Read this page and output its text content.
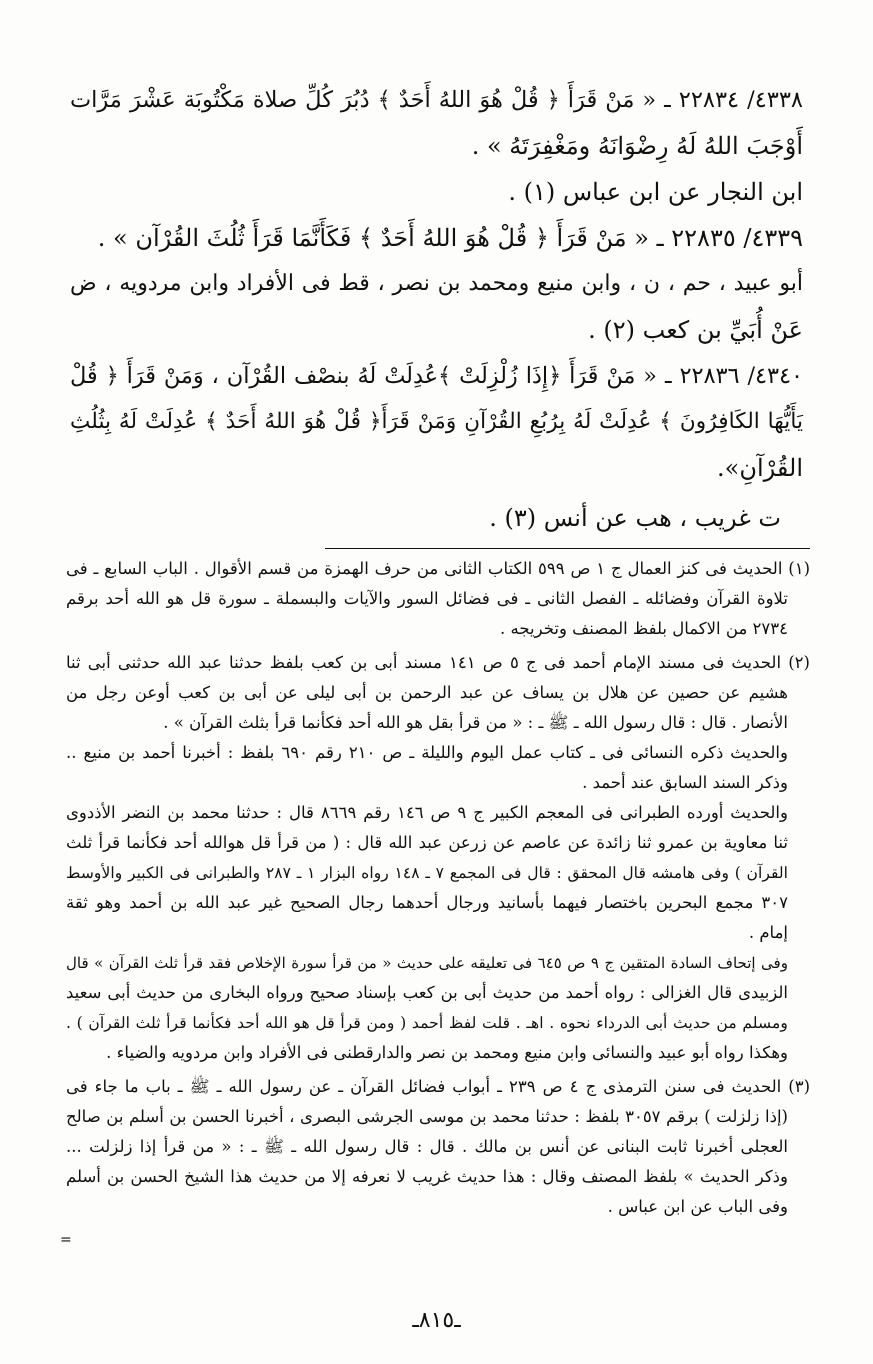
٤٣٣٨/ ٢٢٨٣٤ ـ « مَنْ قَرَأَ ﴿ قُلْ هُوَ اللهُ أَحَدٌ ﴾ دُبُرَ كُلِّ صلاة مَكْتُوبَة عَشْرَ مَرَّات
أَوْجَبَ اللهُ لَهُ رِضْوَانَهُ ومَغْفِرَتَهُ » .
ابن النجار عن ابن عباس (١) .
٤٣٣٩/ ٢٢٨٣٥ ـ « مَنْ قَرَأَ ﴿ قُلْ هُوَ اللهُ أَحَدٌ ﴾ فَكَأَنَّمَا قَرَأَ ثُلُثَ القُرْآن » .
أبو عبيد ، حم ، ن ، وابن منيع ومحمد بن نصر ، قط فى الأفراد وابن مردويه ، ض
عَنْ أُبَيِّ بن كعب (٢) .
٤٣٤٠/ ٢٢٨٣٦ ـ « مَنْ قَرَأَ ﴿إِذَا زُلْزِلَتْ ﴾عُدِلَتْ لَهُ بنصْف القُرْآن ، وَمَنْ قَرَأَ ﴿ قُلْ
يَأَيُّهَا الكَافِرُونَ ﴾ عُدِلَتْ لَهُ بِرُبُعِ القُرْآنِ وَمَنْ قَرَأَ﴿ قُلْ هُوَ اللهُ أَحَدٌ ﴾ عُدِلَتْ لَهُ بِثُلُثِ
القُرْآنِ».
ت غريب ، هب عن أنس (٣) .
(١) الحديث فى كنز العمال ج ١ ص ٥٩٩ الكتاب الثانى من حرف الهمزة من قسم الأقوال . الباب السابع ـ فى
تلاوة القرآن وفضائله ـ الفصل الثانى ـ فى فضائل السور والآيات والبسملة ـ سورة قل هو الله أحد برقم
٢٧٣٤ من الاكمال بلفظ المصنف وتخريجه .
(٢) الحديث فى مسند الإمام أحمد فى ج ٥ ص ١٤١ مسند أبى بن كعب بلفظ حدثنا عبد الله حدثنى أبى ثنا
هشيم عن حصين عن هلال بن يساف عن عبد الرحمن بن أبى ليلى عن أبى بن كعب أوعن رجل من
الأنصار . قال : قال رسول الله ـ ﷺ ـ : « من قرأ بقل هو الله أحد فكأنما قرأ بثلث القرآن » .
والحديث ذكره النسائى فى ـ كتاب عمل اليوم والليلة ـ ص ٢١٠ رقم ٦٩٠ بلفظ : أخبرنا أحمد بن منيع ..
وذكر السند السابق عند أحمد .
والحديث أورده الطبرانى فى المعجم الكبير ج ٩ ص ١٤٦ رقم ٨٦٦٩ قال : حدثنا محمد بن النضر الأذدوى
ثنا معاوية بن عمرو ثنا زائدة عن عاصم عن زرعن عبد الله قال : ( من قرأ قل هوالله أحد فكأنما قرأ ثلث
القرآن ) وفى هامشه قال المحقق : قال فى المجمع ٧ ـ ١٤٨ رواه البزار ١ ـ ٢٨٧ والطبرانى فى الكبير والأوسط
٣٠٧ مجمع البحرين باختصار فيهما بأسانيد ورجال أحدهما رجال الصحيح غير عبد الله بن أحمد وهو ثقة
إمام .
وفى إتحاف السادة المتقين ج ٩ ص ٦٤٥ فى تعليقه على حديث « من قرأ سورة الإخلاص فقد قرأ ثلث القرآن » قال
الزبيدى قال الغزالى : رواه أحمد من حديث أبى بن كعب بإسناد صحيح ورواه البخارى من حديث أبى سعيد
ومسلم من حديث أبى الدرداء نحوه . اهـ . قلت لفظ أحمد ( ومن قرأ قل هو الله أحد فكأنما قرأ ثلث القرآن ) .
وهكذا رواه أبو عبيد والنسائى وابن منيع ومحمد بن نصر والدارقطنى فى الأفراد وابن مردويه والضياء .
(٣) الحديث فى سنن الترمذى ج ٤ ص ٢٣٩ ـ أبواب فضائل القرآن ـ عن رسول الله ـ ﷺ ـ باب ما جاء فى
(إذا زلزلت ) برقم ٣٠٥٧ بلفظ : حدثنا محمد بن موسى الجرشى البصرى ، أخبرنا الحسن بن أسلم بن صالح
العجلى أخبرنا ثابت البنانى عن أنس بن مالك . قال : قال رسول الله ـ ﷺ ـ : « من قرأ إذا زلزلت ...
وذكر الحديث » بلفظ المصنف وقال : هذا حديث غريب لا نعرفه إلا من حديث هذا الشيخ الحسن بن أسلم
وفى الباب عن ابن عباس .
=
ـ٨١٥ـ
